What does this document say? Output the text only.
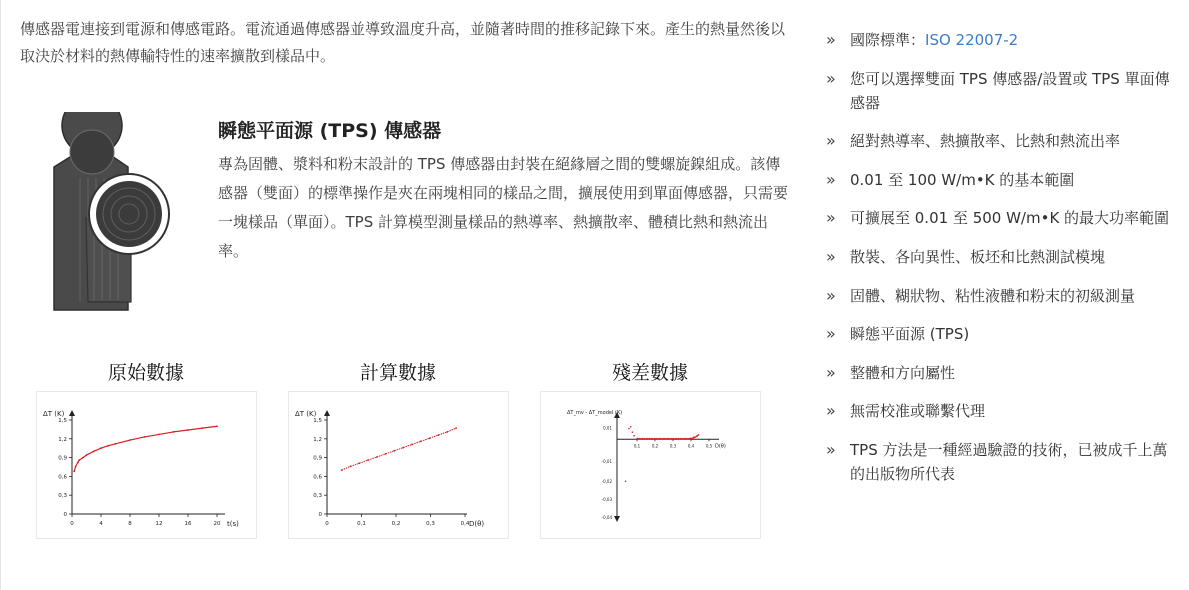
傳感器電連接到電源和傳感電路。電流通過傳感器並導致溫度升高，並隨著時間的推移記錄下來。產生的熱量然後以取決於材料的熱傳輸特性的速率擴散到樣品中。

瞬態平面源 (TPS) 傳感器

專為固體、漿料和粉末設計的 TPS 傳感器由封裝在絕緣層之間的雙螺旋鎳組成。該傳感器（雙面）的標準操作是夾在兩塊相同的樣品之間，擴展使用到單面傳感器，只需要一塊樣品（單面）。TPS 計算模型測量樣品的熱導率、熱擴散率、體積比熱和熱流出率。

原始數據	計算數據	殘差數據
0	4	8	12	16	20
0
0,3
0,6
0,9
1,2
1,5
ΔT (K)
t(s)	0	0,1	0,2	0,3	0,4
0
0,3
0,6
0,9
1,2
1,5
ΔT (K)
D(θ)
0,1	0,2	0,3	0,4	0,5
0,01
-0,01
-0,02
-0,03
-0,04
ΔT_mv - ΔT_model (K)
D(θ)
» 國際標準：ISO 22007-2
» 您可以選擇雙面 TPS 傳感器/設置或 TPS 單面傳感器
» 絕對熱導率、熱擴散率、比熱和熱流出率
» 0.01 至 100 W/m•K 的基本範圍
» 可擴展至 0.01 至 500 W/m•K 的最大功率範圍
» 散裝、各向異性、板坯和比熱測試模塊
» 固體、糊狀物、粘性液體和粉末的初級測量
» 瞬態平面源 (TPS)
» 整體和方向屬性
» 無需校准或聯繫代理
» TPS 方法是一種經過驗證的技術，已被成千上萬的出版物所代表
